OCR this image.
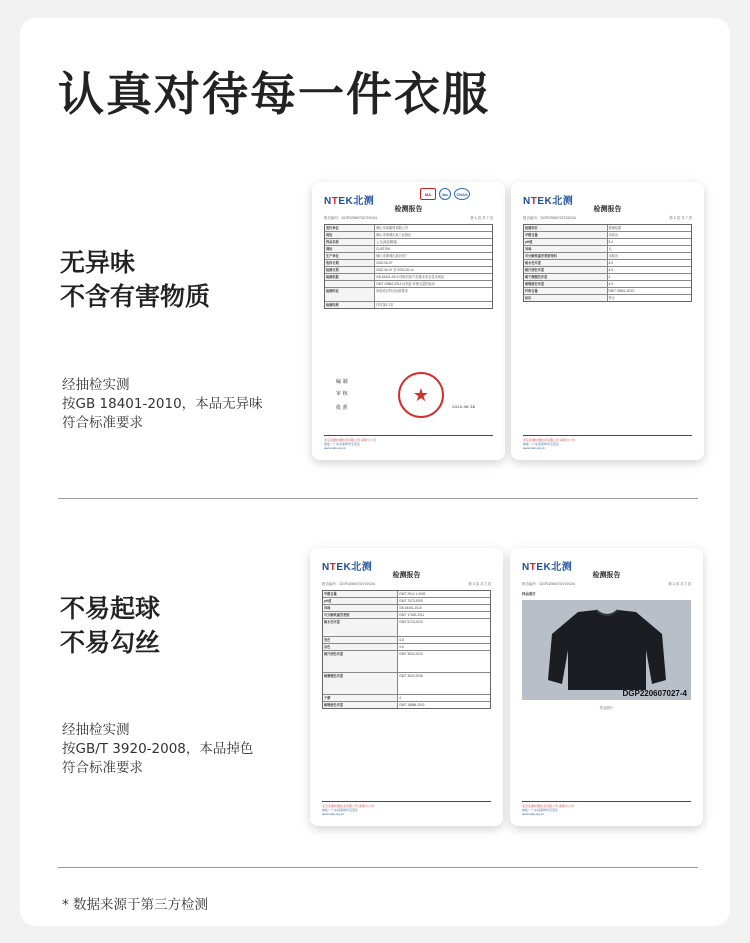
认真对待每一件衣服
无异味
不含有害物质
经抽检实测
按GB 18401-2010，本品无异味
符合标准要求
NTEK北测
MA	ilac	CNAS
检测报告
报告编号：DGP22060702719C04	第 1 页 共 7 页
委托单位	佛山市某服饰有限公司
地址	佛山市禅城区某工业园区
样品名称	上衣(成品服装)
商标	CUSTOM
生产单位	佛山市禅城区某针织厂
收样日期	2022-06-07
检测日期	2022-06-07 至 2022-06-14
检测依据	GB 18401-2010 国家纺织产品基本安全技术规范
GB/T 29862-2013 纺织品 纤维含量的标识
检测结论	所检项目符合标准要求
检测结果	详见第2-7页
编 制
审 核
批 准
★
2022.06.14
北京北测检测技术有限公司 深圳分公司
地址：广东省深圳市宝安区
www.ntek.org.cn
NTEK北测
检测报告
报告编号：DGP22060702719C04	第 2 页 共 7 页
检测项目	检测结果
甲醛含量	未检出
pH值	5.4
异味	无
可分解致癌芳香胺染料	未检出
耐水色牢度	4-5
耐汗渍色牢度	4-5
耐干摩擦色牢度	4
耐唾液色牢度	4-5
纤维含量	GB/T 29862-2013
标识	符合
北京北测检测技术有限公司 深圳分公司
地址：广东省深圳市宝安区
www.ntek.org.cn
不易起球
不易勾丝
经抽检实测
按GB/T 3920-2008，本品掉色
符合标准要求
NTEK北测
检测报告
报告编号：DGP22060702719C04	第 3 页 共 7 页
甲醛含量	GB/T 2912.1-2009
pH值	GB/T 7573-2009
异味	GB 18401-2010
可分解致癌芳香胺	GB/T 17592-2011
耐水色牢度	GB/T 5713-2013
变色	4-5
沾色	4-5
耐汗渍色牢度	GB/T 3922-2013
耐摩擦色牢度	GB/T 3920-2008
干摩	4
耐唾液色牢度	GB/T 18886-2019
北京北测检测技术有限公司 深圳分公司
地址：广东省深圳市宝安区
www.ntek.org.cn
NTEK北测
检测报告
报告编号：DGP22060702719C04	第 4 页 共 7 页
样品照片
DGP220607027-4
样品照片
北京北测检测技术有限公司 深圳分公司
地址：广东省深圳市宝安区
www.ntek.org.cn
* 数据来源于第三方检测
